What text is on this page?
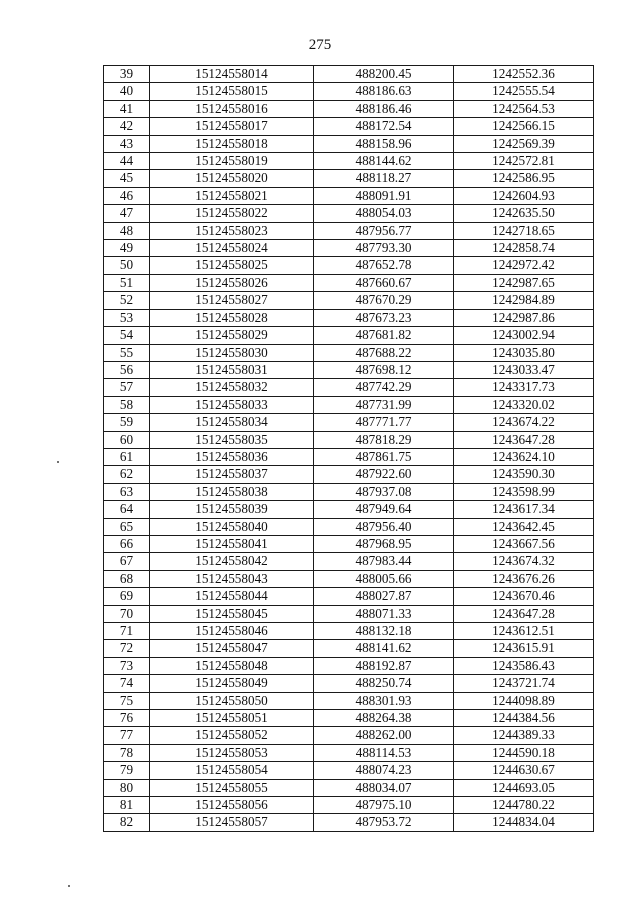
275
39	15124558014	488200.45	1242552.36
40	15124558015	488186.63	1242555.54
41	15124558016	488186.46	1242564.53
42	15124558017	488172.54	1242566.15
43	15124558018	488158.96	1242569.39
44	15124558019	488144.62	1242572.81
45	15124558020	488118.27	1242586.95
46	15124558021	488091.91	1242604.93
47	15124558022	488054.03	1242635.50
48	15124558023	487956.77	1242718.65
49	15124558024	487793.30	1242858.74
50	15124558025	487652.78	1242972.42
51	15124558026	487660.67	1242987.65
52	15124558027	487670.29	1242984.89
53	15124558028	487673.23	1242987.86
54	15124558029	487681.82	1243002.94
55	15124558030	487688.22	1243035.80
56	15124558031	487698.12	1243033.47
57	15124558032	487742.29	1243317.73
58	15124558033	487731.99	1243320.02
59	15124558034	487771.77	1243674.22
60	15124558035	487818.29	1243647.28
61	15124558036	487861.75	1243624.10
62	15124558037	487922.60	1243590.30
63	15124558038	487937.08	1243598.99
64	15124558039	487949.64	1243617.34
65	15124558040	487956.40	1243642.45
66	15124558041	487968.95	1243667.56
67	15124558042	487983.44	1243674.32
68	15124558043	488005.66	1243676.26
69	15124558044	488027.87	1243670.46
70	15124558045	488071.33	1243647.28
71	15124558046	488132.18	1243612.51
72	15124558047	488141.62	1243615.91
73	15124558048	488192.87	1243586.43
74	15124558049	488250.74	1243721.74
75	15124558050	488301.93	1244098.89
76	15124558051	488264.38	1244384.56
77	15124558052	488262.00	1244389.33
78	15124558053	488114.53	1244590.18
79	15124558054	488074.23	1244630.67
80	15124558055	488034.07	1244693.05
81	15124558056	487975.10	1244780.22
82	15124558057	487953.72	1244834.04
